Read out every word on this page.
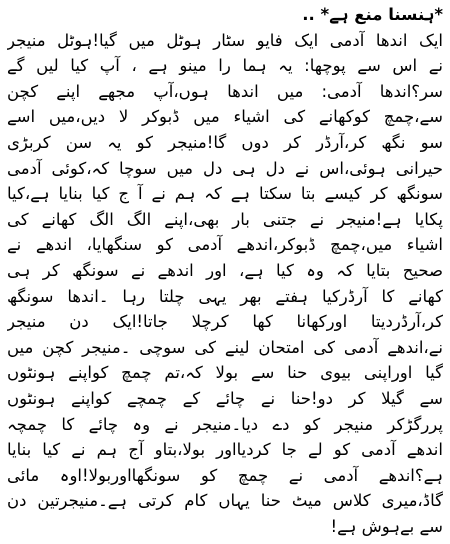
*ہنسنا منع ہے* ..
ایک اندھا آدمی ایک فایو سٹار ہوٹل میں گیا!ہوٹل منیجر
نے اس سے پوچھا: یہ ہما را مینو ہے ، آپ کیا لیں گے
سر؟اندھا آدمی: میں اندھا ہوں،آپ مجھے اپنے کچن
سے،چمچ کوکھانے کی اشیاء میں ڈبوکر لا دیں،میں اسے
سو نگھ کر،آرڈر کر دوں گا!منیجر کو یہ سن کربڑی
حیرانی ہوئی،اس نے دل ہی دل میں سوچا کہ،کوئی آدمی
سونگھ کر کیسے بتا سکتا ہے کہ ہم نے آ ج کیا بنایا ہے،کیا
پکایا ہے!منیجر نے جتنی بار بھی،اپنے الگ الگ کھانے کی
اشیاء میں،چمچ ڈبوکر،اندھے آدمی کو سنگھایا، اندھے نے
صحیح بتایا کہ وہ کیا ہے، اور اندھے نے سونگھ کر ہی
کھانے کا آرڈرکیا ہفتے بھر یہی چلتا رہا ۔اندھا سونگھ
کر،آرڈردیتا اورکھانا کھا کرچلا جاتا!ایک دن منیجر
نے،اندھے آدمی کی امتحان لینے کی سوچی ۔منیجر کچن میں
گیا اوراپنی بیوی حنا سے بولا کہ،تم چمچ کواپنے ہونٹوں
سے گیلا کر دو!حنا نے چائے کے چمچے کواپنے ہونٹوں
پررگڑکر منیجر کو دے دیا۔منیجر نے وہ چائے کا چمچہ
اندھے آدمی کو لے جا کردیااور بولا،بتاو آج ہم نے کیا بنایا
ہے؟اندھے آدمی نے چمچ کو سونگھااوربولا!اوہ مائی
گاڈ،میری کلاس میٹ حنا یہاں کام کرتی ہے۔منیجرتین دن
سے بےہوش ہے!
